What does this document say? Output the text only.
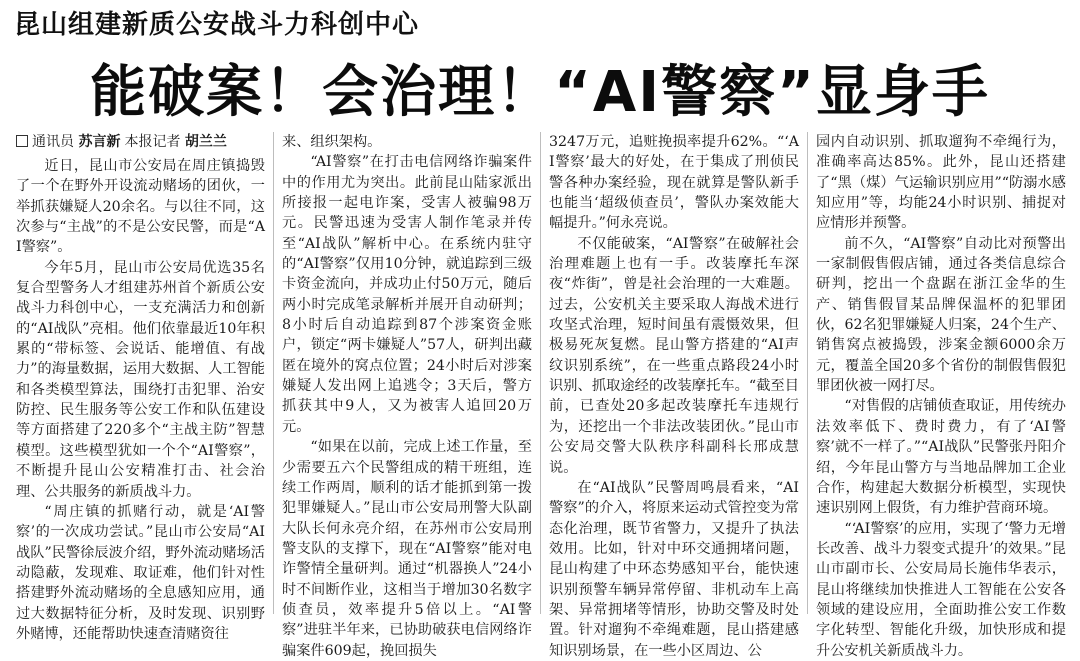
昆山组建新质公安战斗力科创中心
能破案！会治理！“AI警察”显身手
通讯员 苏言新 本报记者 胡兰兰

近日，昆山市公安局在周庄镇捣毁了一个在野外开设流动赌场的团伙，一举抓获嫌疑人20余名。与以往不同，这次参与“主战”的不是公安民警，而是“AI警察”。

今年5月，昆山市公安局优选35名复合型警务人才组建苏州首个新质公安战斗力科创中心，一支充满活力和创新的“AI战队”亮相。他们依靠最近10年积累的“带标签、会说话、能增值、有战力”的海量数据，运用大数据、人工智能和各类模型算法，围绕打击犯罪、治安防控、民生服务等公安工作和队伍建设等方面搭建了220多个“主战主防”智慧模型。这些模型犹如一个个“AI警察”，不断提升昆山公安精准打击、社会治理、公共服务的新质战斗力。

“周庄镇的抓赌行动，就是‘AI警察’的一次成功尝试。”昆山市公安局“AI战队”民警徐辰波介绍，野外流动赌场活动隐蔽，发现难、取证难，他们针对性搭建野外流动赌场的全息感知应用，通过大数据特征分析，及时发现、识别野外赌博，还能帮助快速查清赌资往

来、组织架构。

“AI警察”在打击电信网络诈骗案件中的作用尤为突出。此前昆山陆家派出所接报一起电诈案，受害人被骗98万元。民警迅速为受害人制作笔录并传至“AI战队”解析中心。在系统内驻守的“AI警察”仅用10分钟，就追踪到三级卡资金流向，并成功止付50万元，随后两小时完成笔录解析并展开自动研判；8小时后自动追踪到87个涉案资金账户，锁定“两卡嫌疑人”57人，研判出藏匿在境外的窝点位置；24小时后对涉案嫌疑人发出网上追逃令；3天后，警方抓获其中9人，又为被害人追回20万元。

“如果在以前，完成上述工作量，至少需要五六个民警组成的精干班组，连续工作两周，顺利的话才能抓到第一拨犯罪嫌疑人。”昆山市公安局刑警大队副大队长何永亮介绍，在苏州市公安局刑警支队的支撑下，现在“AI警察”能对电诈警情全量研判。通过“机器换人”24小时不间断作业，这相当于增加30名数字侦查员，效率提升5倍以上。“AI警察”进驻半年来，已协助破获电信网络诈骗案件609起，挽回损失

3247万元，追赃挽损率提升62%。“‘AI警察’最大的好处，在于集成了刑侦民警各种办案经验，现在就算是警队新手也能当‘超级侦查员’，警队办案效能大幅提升。”何永亮说。

不仅能破案，“AI警察”在破解社会治理难题上也有一手。改装摩托车深夜“炸街”，曾是社会治理的一大难题。过去，公安机关主要采取人海战术进行攻坚式治理，短时间虽有震慑效果，但极易死灰复燃。昆山警方搭建的“AI声纹识别系统”，在一些重点路段24小时识别、抓取途经的改装摩托车。“截至目前，已查处20多起改装摩托车违规行为，还挖出一个非法改装团伙。”昆山市公安局交警大队秩序科副科长邢成慧说。

在“AI战队”民警周鸣晨看来，“AI警察”的介入，将原来运动式管控变为常态化治理，既节省警力，又提升了执法效用。比如，针对中环交通拥堵问题，昆山构建了中环态势感知平台，能快速识别预警车辆异常停留、非机动车上高架、异常拥堵等情形，协助交警及时处置。针对遛狗不牵绳难题，昆山搭建感知识别场景，在一些小区周边、公

园内自动识别、抓取遛狗不牵绳行为，准确率高达85%。此外，昆山还搭建了“黑（煤）气运输识别应用”“防溺水感知应用”等，均能24小时识别、捕捉对应情形并预警。

前不久，“AI警察”自动比对预警出一家制假售假店铺，通过各类信息综合研判，挖出一个盘踞在浙江金华的生产、销售假冒某品牌保温杯的犯罪团伙，62名犯罪嫌疑人归案，24个生产、销售窝点被捣毁，涉案金额6000余万元，覆盖全国20多个省份的制假售假犯罪团伙被一网打尽。

“对售假的店铺侦查取证，用传统办法效率低下、费时费力，有了‘AI警察’就不一样了。”“AI战队”民警张丹阳介绍，今年昆山警方与当地品牌加工企业合作，构建起大数据分析模型，实现快速识别网上假货，有力维护营商环境。

“‘AI警察’的应用，实现了‘警力无增长改善、战斗力裂变式提升’的效果。”昆山市副市长、公安局局长施伟华表示，昆山将继续加快推进人工智能在公安各领域的建设应用，全面助推公安工作数字化转型、智能化升级，加快形成和提升公安机关新质战斗力。
